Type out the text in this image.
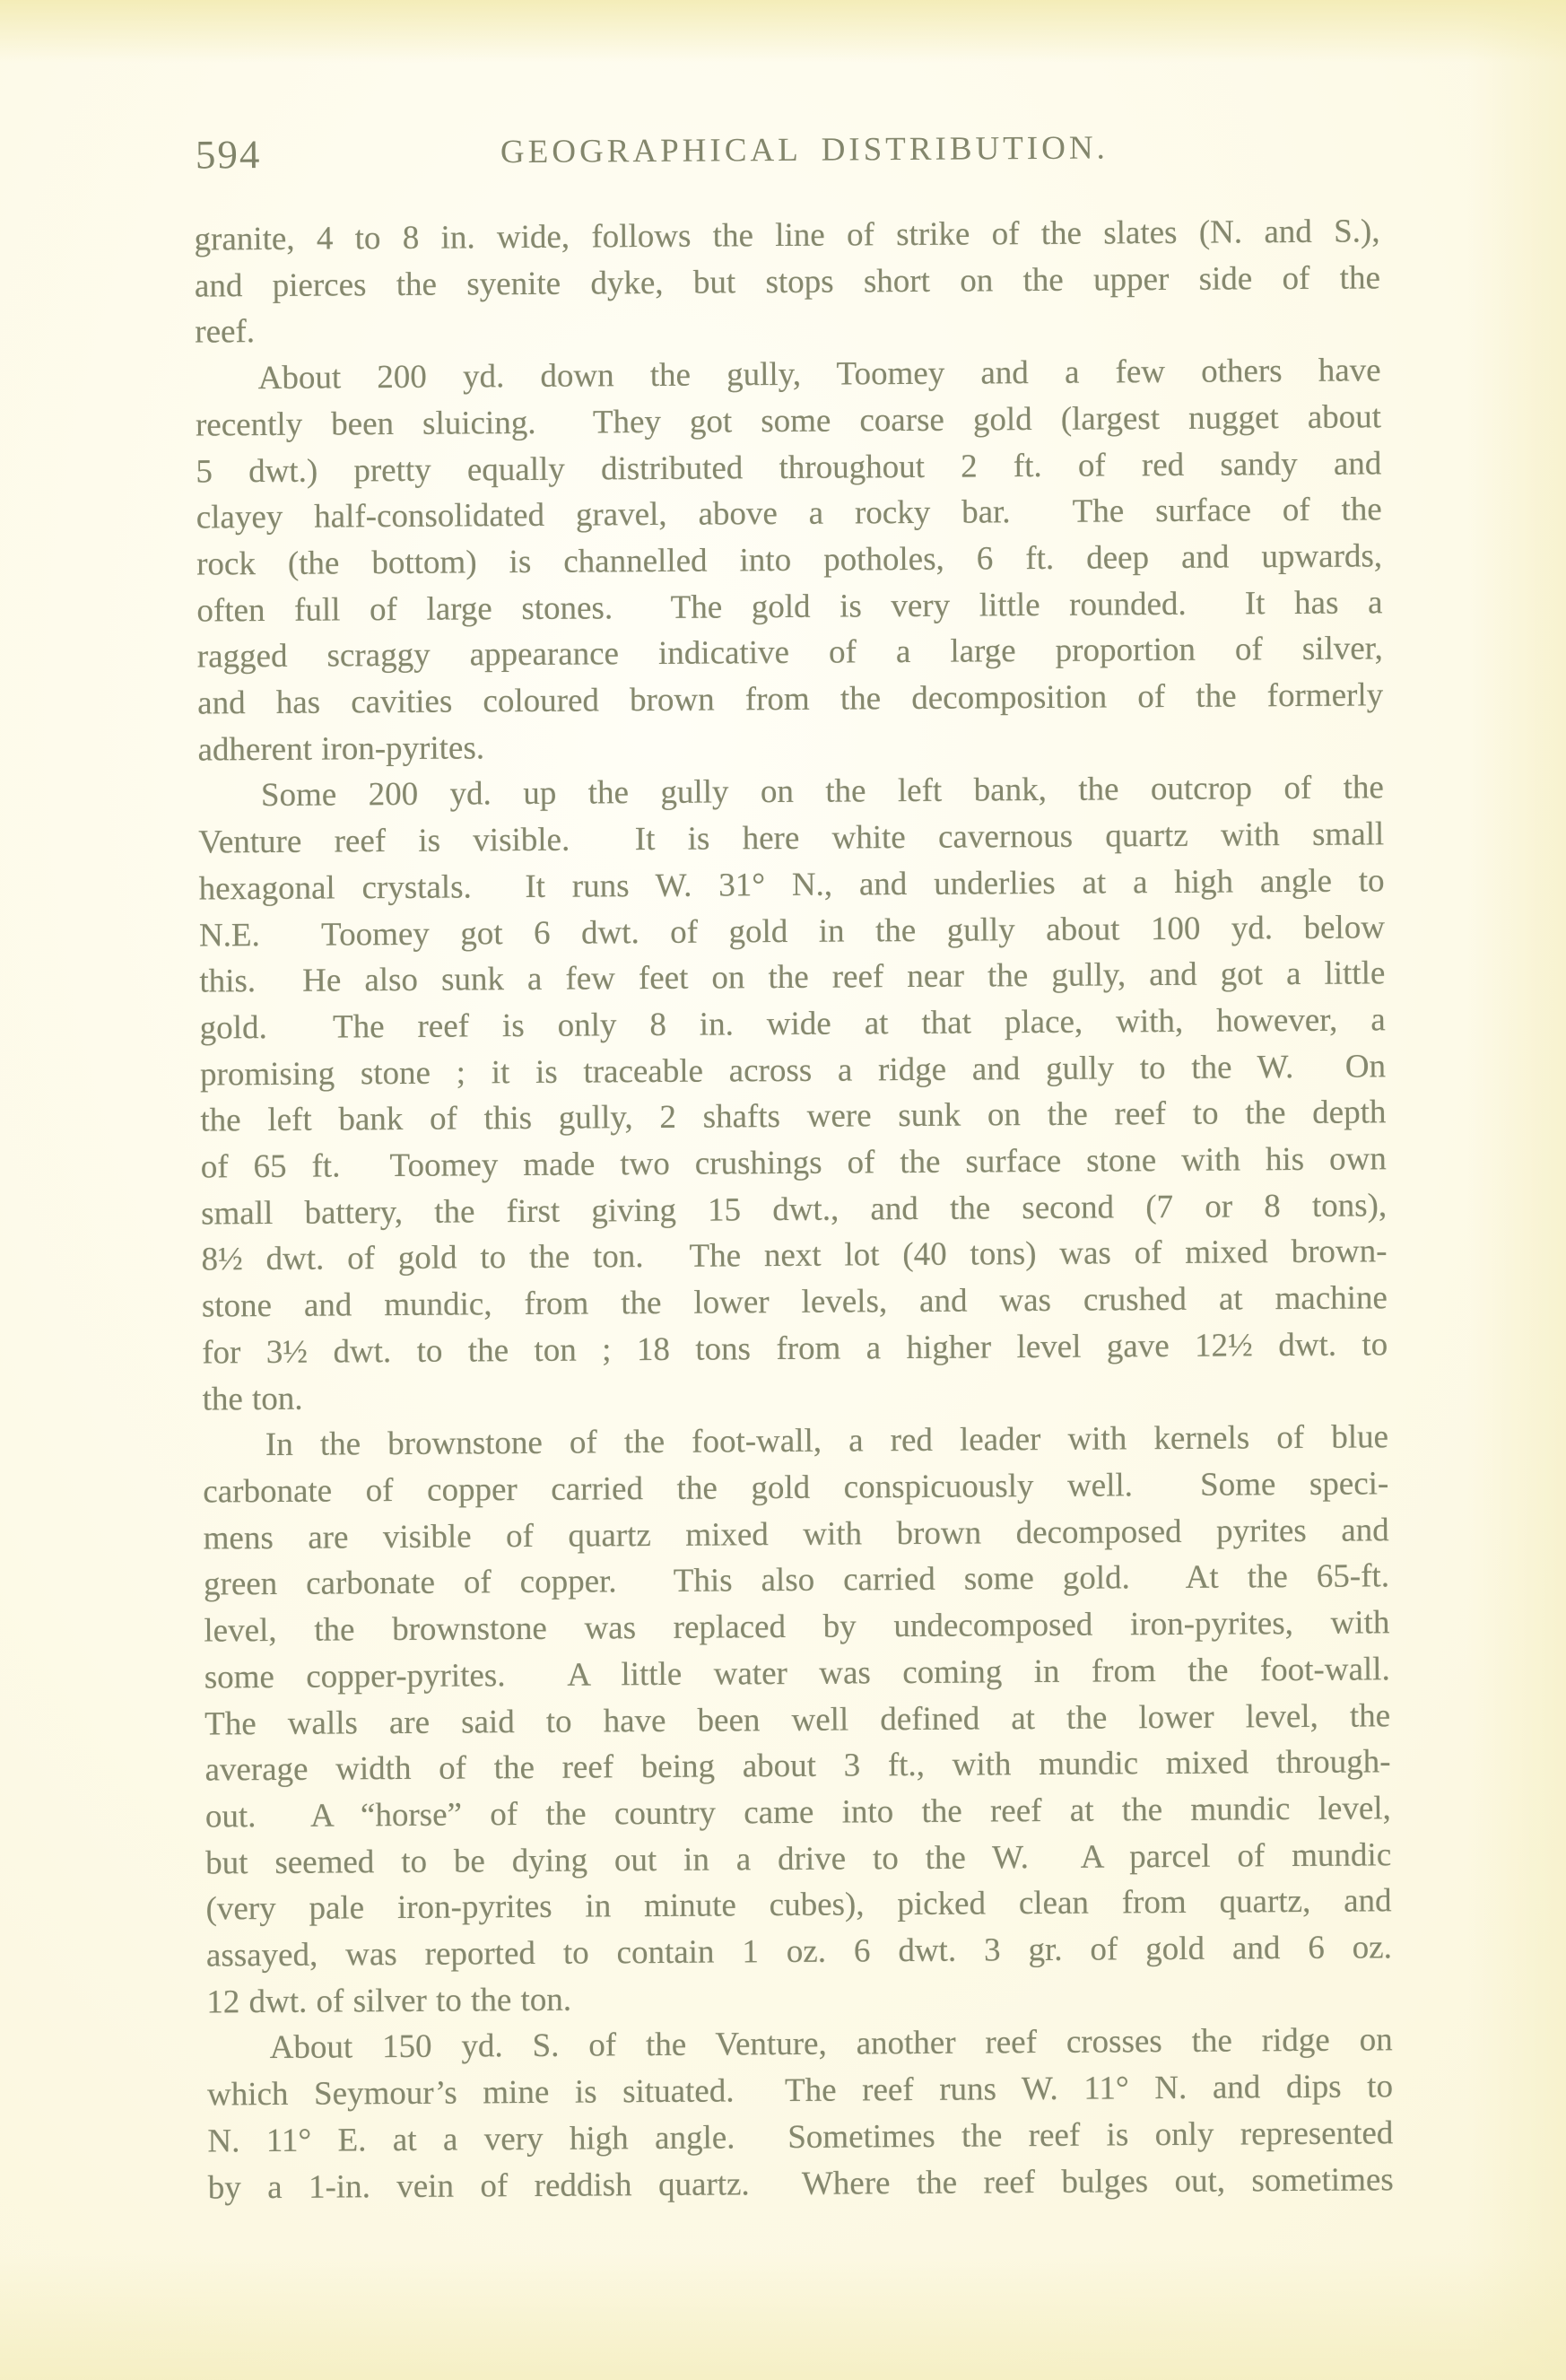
594	GEOGRAPHICAL DISTRIBUTION.
granite, 4 to 8 in. wide, follows the line of strike of the slates (N. and S.),
and pierces the syenite dyke, but stops short on the upper side of the
reef.
About 200 yd. down the gully, Toomey and a few others have
recently been sluicing.  They got some coarse gold (largest nugget about
5 dwt.) pretty equally distributed throughout 2 ft. of red sandy and
clayey half-consolidated gravel, above a rocky bar.  The surface of the
rock (the bottom) is channelled into potholes, 6 ft. deep and upwards,
often full of large stones.  The gold is very little rounded.  It has a
ragged scraggy appearance indicative of a large proportion of silver,
and has cavities coloured brown from the decomposition of the formerly
adherent iron-pyrites.
Some 200 yd. up the gully on the left bank, the outcrop of the
Venture reef is visible.  It is here white cavernous quartz with small
hexagonal crystals.  It runs W. 31° N., and underlies at a high angle to
N.E.  Toomey got 6 dwt. of gold in the gully about 100 yd. below
this.  He also sunk a few feet on the reef near the gully, and got a little
gold.  The reef is only 8 in. wide at that place, with, however, a
promising stone ; it is traceable across a ridge and gully to the W.  On
the left bank of this gully, 2 shafts were sunk on the reef to the depth
of 65 ft.  Toomey made two crushings of the surface stone with his own
small battery, the first giving 15 dwt., and the second (7 or 8 tons),
8½ dwt. of gold to the ton.  The next lot (40 tons) was of mixed brown-
stone and mundic, from the lower levels, and was crushed at machine
for 3½ dwt. to the ton ; 18 tons from a higher level gave 12½ dwt. to
the ton.
In the brownstone of the foot-wall, a red leader with kernels of blue
carbonate of copper carried the gold conspicuously well.  Some speci-
mens are visible of quartz mixed with brown decomposed pyrites and
green carbonate of copper.  This also carried some gold.  At the 65-ft.
level, the brownstone was replaced by undecomposed iron-pyrites, with
some copper-pyrites.  A little water was coming in from the foot-wall.
The walls are said to have been well defined at the lower level, the
average width of the reef being about 3 ft., with mundic mixed through-
out.  A “horse” of the country came into the reef at the mundic level,
but seemed to be dying out in a drive to the W.  A parcel of mundic
(very pale iron-pyrites in minute cubes), picked clean from quartz, and
assayed, was reported to contain 1 oz. 6 dwt. 3 gr. of gold and 6 oz.
12 dwt. of silver to the ton.
About 150 yd. S. of the Venture, another reef crosses the ridge on
which Seymour’s mine is situated.  The reef runs W. 11° N. and dips to
N. 11° E. at a very high angle.  Sometimes the reef is only represented
by a 1-in. vein of reddish quartz.  Where the reef bulges out, sometimes
